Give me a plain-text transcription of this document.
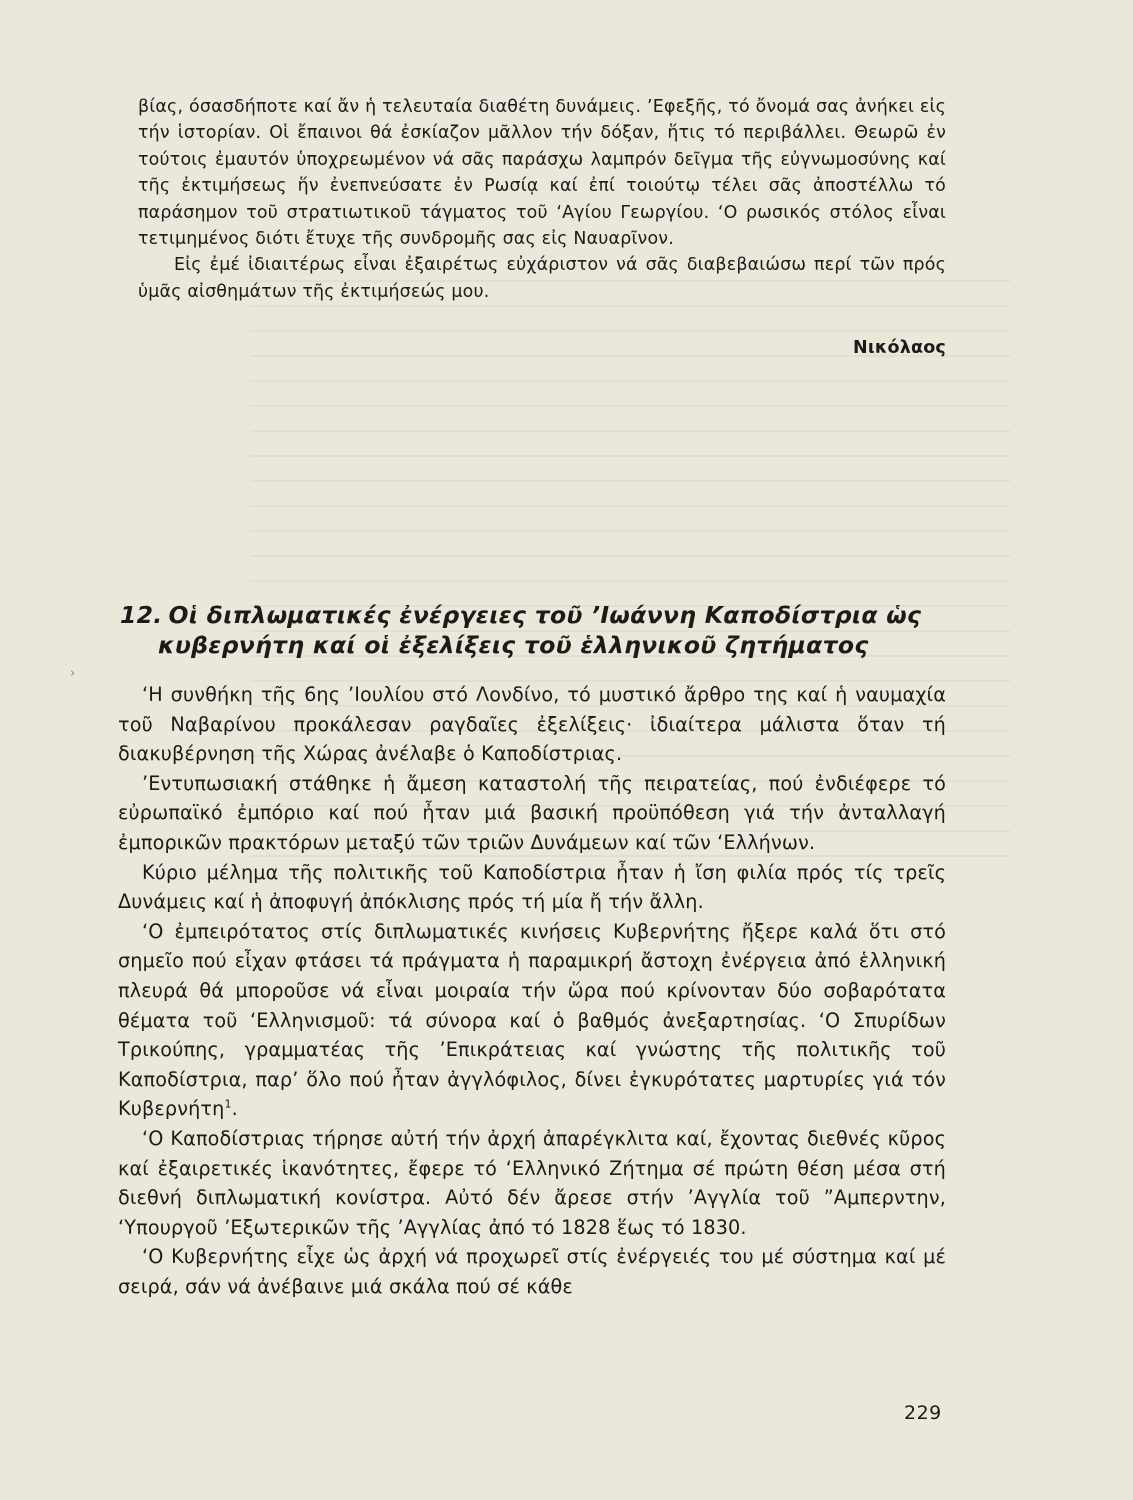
βίας, όσασδήποτε καί ἄν ἡ τελευταία διαθέτη δυνάμεις. ’Εφεξῆς, τό ὄνομά σας ἀνήκει εἰς τήν ἱστορίαν. Οἱ ἔπαινοι θά ἐσκίαζον μᾶλλον τήν δόξαν, ἥτις τό περιβάλλει. Θεωρῶ ἐν τούτοις ἐμαυτόν ὑποχρεωμένον νά σᾶς παράσχω λαμπρόν δεῖγμα τῆς εὐγνωμοσύνης καί τῆς ἐκτιμήσεως ἥν ἐνεπνεύσατε ἐν Ρωσίᾳ καί ἐπί τοιούτῳ τέλει σᾶς ἀποστέλλω τό παράσημον τοῦ στρατιωτικοῦ τάγματος τοῦ ‘Αγίου Γεωργίου. ‘Ο ρωσικός στόλος εἶναι τετιμημένος διότι ἔτυχε τῆς συνδρομῆς σας εἰς Ναυαρῖνον.

Εἰς ἐμέ ἰδιαιτέρως εἶναι ἐξαιρέτως εὐχάριστον νά σᾶς διαβεβαιώσω περί τῶν πρός ὑμᾶς αἰσθημάτων τῆς ἐκτιμήσεώς μου.

Νικόλαος
›
12. Οἱ διπλωματικές ἐνέργειες τοῦ ’Ιωάννη Καποδίστρια ὡς
κυβερνήτη καί οἱ ἐξελίξεις τοῦ ἑλληνικοῦ ζητήματος

‘Η συνθήκη τῆς 6ης ’Ιουλίου στό Λονδίνο, τό μυστικό ἄρθρο της καί ἡ ναυμαχία τοῦ Ναβαρίνου προκάλεσαν ραγδαῖες ἐξελίξεις· ἰδιαίτερα μάλιστα ὅταν τή διακυβέρνηση τῆς Χώρας ἀνέλαβε ὁ Καποδίστριας.

’Εντυπωσιακή στάθηκε ἡ ἄμεση καταστολή τῆς πειρατείας, πού ἐνδιέφερε τό εὐρωπαϊκό ἐμπόριο καί πού ἦταν μιά βασική προϋπόθεση γιά τήν ἀνταλλαγή ἐμπορικῶν πρακτόρων μεταξύ τῶν τριῶν Δυνάμεων καί τῶν ‘Ελλήνων.

Κύριο μέλημα τῆς πολιτικῆς τοῦ Καποδίστρια ἦταν ἡ ἴση φιλία πρός τίς τρεῖς Δυνάμεις καί ἡ ἀποφυγή ἀπόκλισης πρός τή μία ἤ τήν ἄλλη.

‘Ο ἐμπειρότατος στίς διπλωματικές κινήσεις Κυβερνήτης ἤξερε καλά ὅτι στό σημεῖο πού εἶχαν φτάσει τά πράγματα ἡ παραμικρή ἄστοχη ἐνέργεια ἀπό ἑλληνική πλευρά θά μποροῦσε νά εἶναι μοιραία τήν ὥρα πού κρίνονταν δύο σοβαρότατα θέματα τοῦ ‘Ελληνισμοῦ: τά σύνορα καί ὁ βαθμός ἀνεξαρτησίας. ‘Ο Σπυρίδων Τρικούπης, γραμματέας τῆς ’Επικράτειας καί γνώστης τῆς πολιτικῆς τοῦ Καποδίστρια, παρ’ ὅλο πού ἦταν ἀγγλόφιλος, δίνει ἐγκυρότατες μαρτυρίες γιά τόν Κυβερνήτη$^1$.

‘Ο Καποδίστριας τήρησε αὐτή τήν ἀρχή ἀπαρέγκλιτα καί, ἔχοντας διεθνές κῦρος καί ἐξαιρετικές ἱκανότητες, ἔφερε τό ‘Ελληνικό Ζήτημα σέ πρώτη θέση μέσα στή διεθνή διπλωματική κονίστρα. Αὐτό δέν ἄρεσε στήν ’Αγγλία τοῦ ”Αμπερντην, ‘Υπουργοῦ ’Εξωτερικῶν τῆς ’Αγγλίας ἀπό τό 1828 ἕως τό 1830.

‘Ο Κυβερνήτης εἶχε ὡς ἀρχή νά προχωρεῖ στίς ἐνέργειές του μέ σύστημα καί μέ σειρά, σάν νά ἀνέβαινε μιά σκάλα πού σέ κάθε

229
